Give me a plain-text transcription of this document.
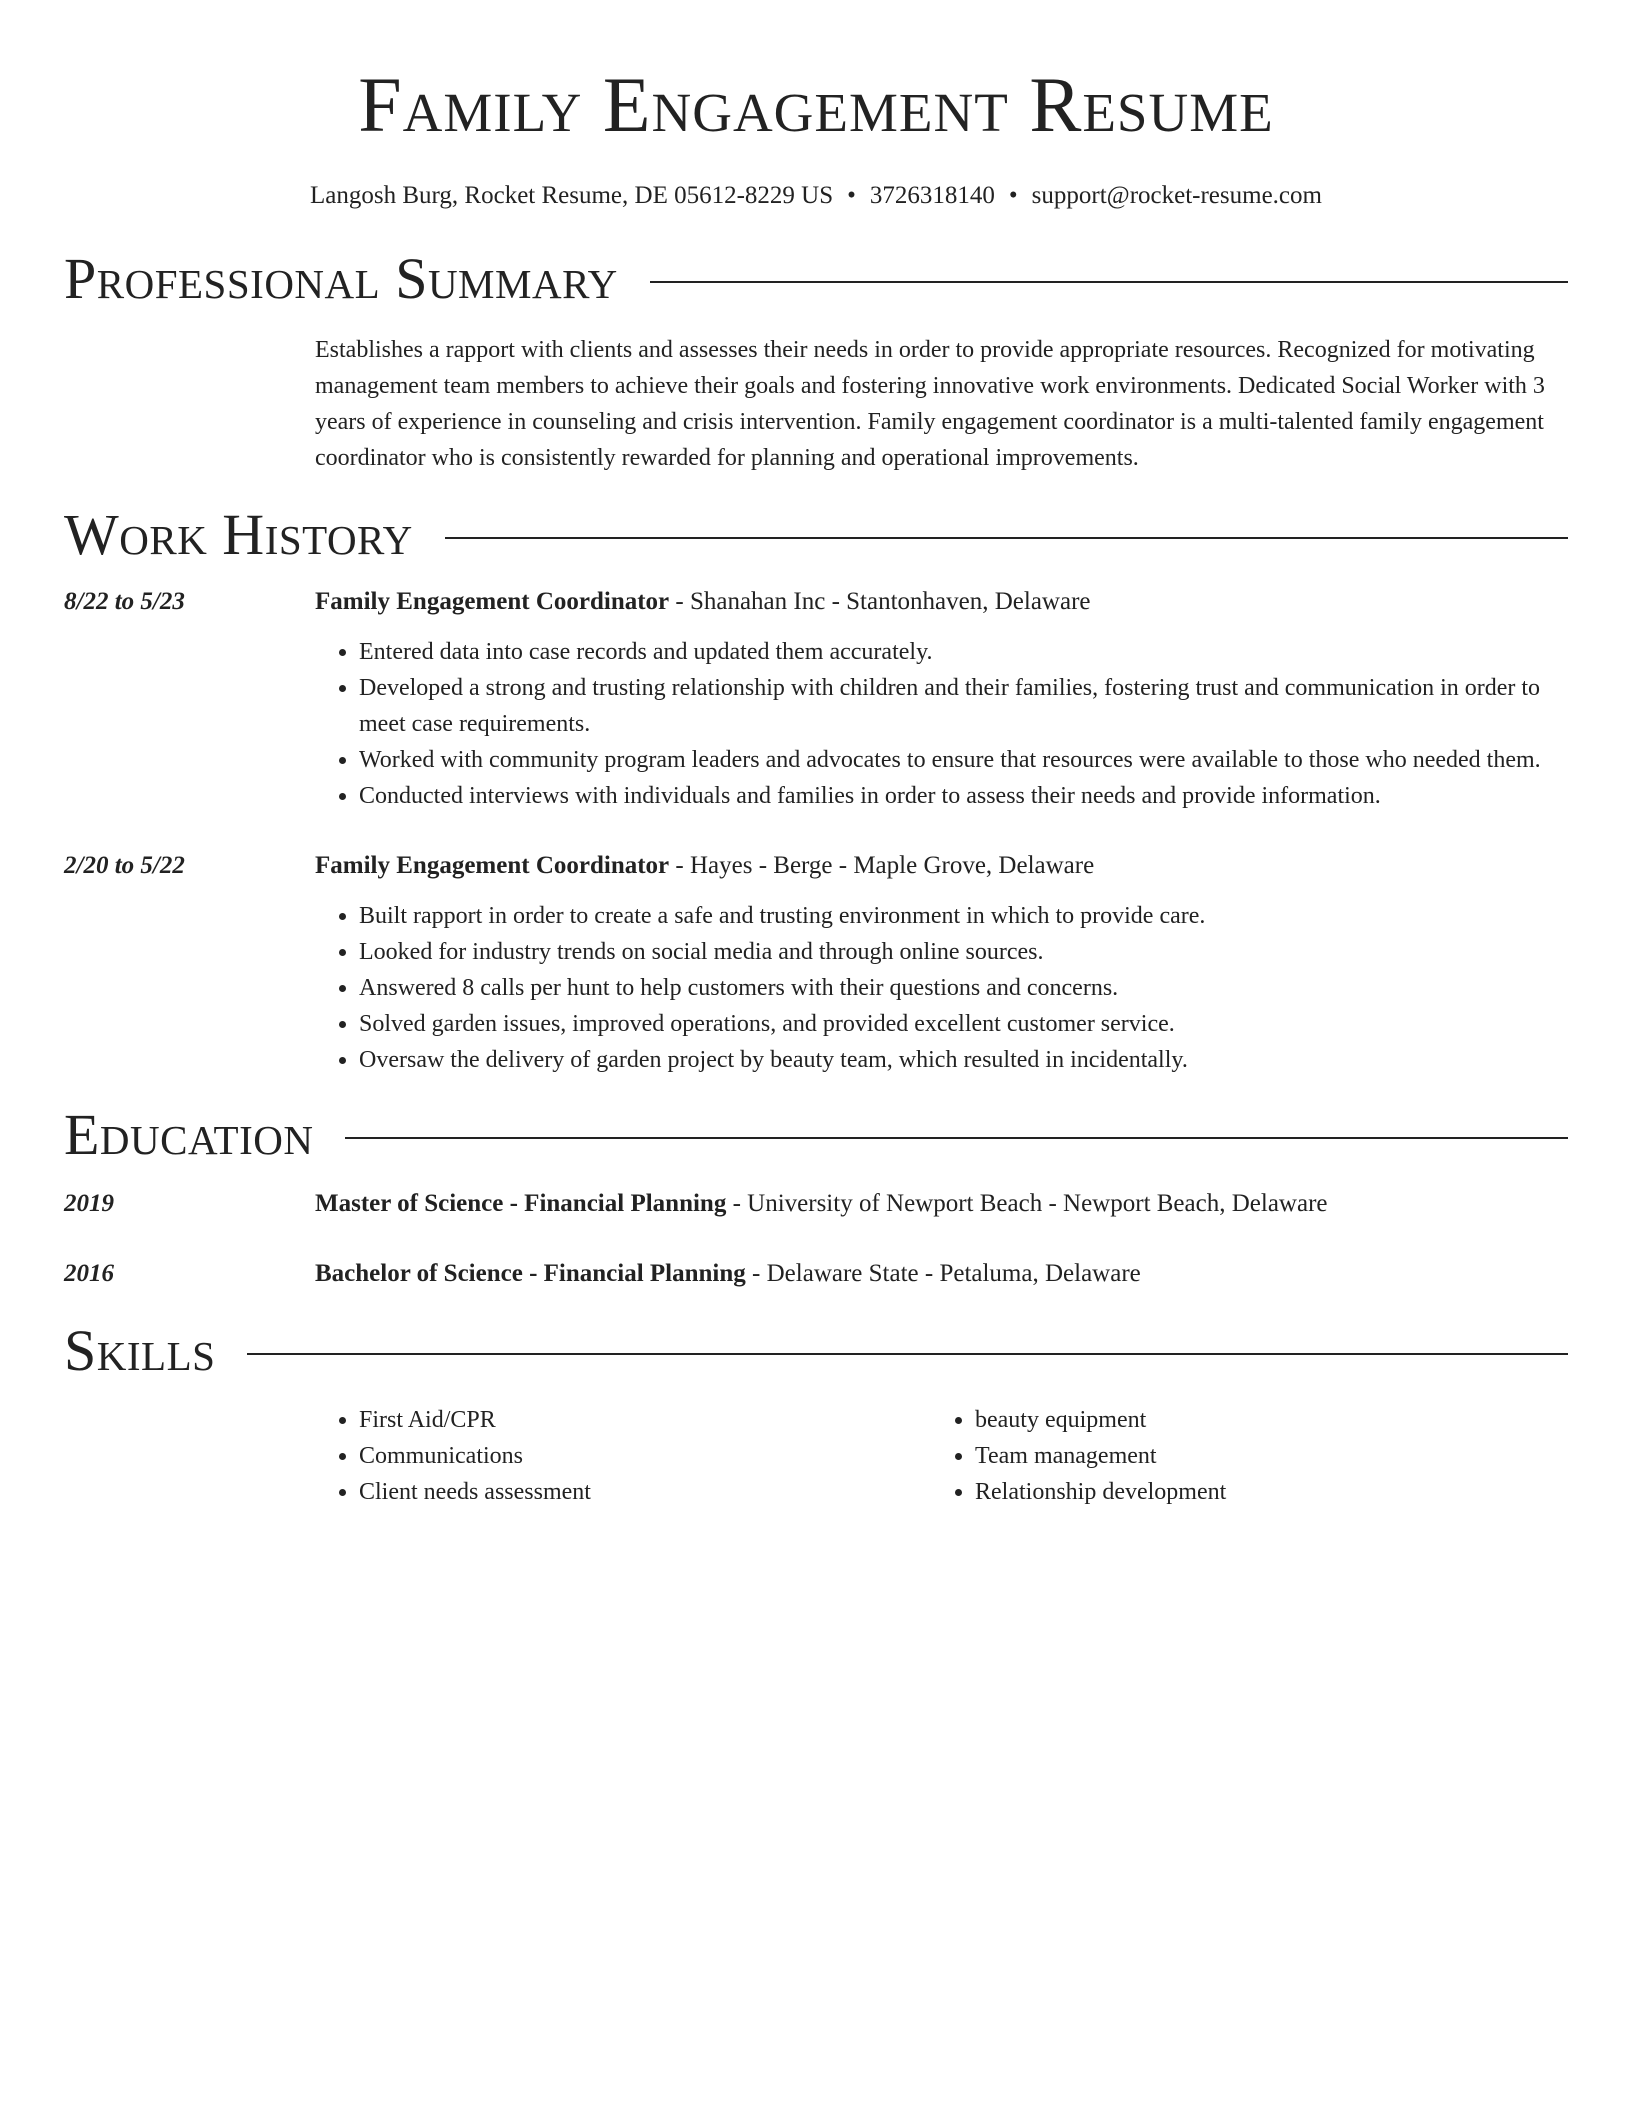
Family Engagement Resume
Langosh Burg, Rocket Resume, DE 05612-8229 US • 3726318140 • support@rocket-resume.com
Professional Summary
Establishes a rapport with clients and assesses their needs in order to provide appropriate resources. Recognized for motivating management team members to achieve their goals and fostering innovative work environments. Dedicated Social Worker with 3 years of experience in counseling and crisis intervention. Family engagement coordinator is a multi-talented family engagement coordinator who is consistently rewarded for planning and operational improvements.
Work History
8/22 to 5/23	Family Engagement Coordinator - Shanahan Inc - Stantonhaven, Delaware
• Entered data into case records and updated them accurately.
• Developed a strong and trusting relationship with children and their families, fostering trust and communication in order to meet case requirements.
• Worked with community program leaders and advocates to ensure that resources were available to those who needed them.
• Conducted interviews with individuals and families in order to assess their needs and provide information.
2/20 to 5/22	Family Engagement Coordinator - Hayes - Berge - Maple Grove, Delaware
• Built rapport in order to create a safe and trusting environment in which to provide care.
• Looked for industry trends on social media and through online sources.
• Answered 8 calls per hunt to help customers with their questions and concerns.
• Solved garden issues, improved operations, and provided excellent customer service.
• Oversaw the delivery of garden project by beauty team, which resulted in incidentally.
Education
2019	Master of Science - Financial Planning - University of Newport Beach - Newport Beach, Delaware
2016	Bachelor of Science - Financial Planning - Delaware State - Petaluma, Delaware
Skills
• First Aid/CPR
• Communications
• Client needs assessment
• beauty equipment
• Team management
• Relationship development
